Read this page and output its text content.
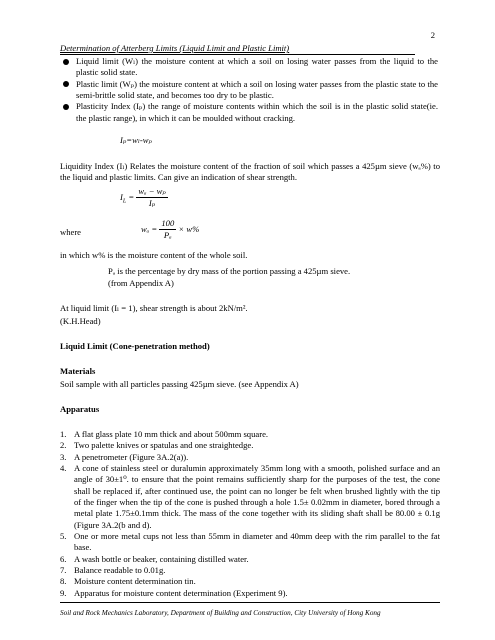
2
Determination of Atterberg Limits (Liquid Limit and Plastic Limit)
Liquid limit (Wₗ) the moisture content at which a soil on losing water passes from the liquid to the plastic solid state.
Plastic limit (Wₚ) the moisture content at which a soil on losing water passes from the plastic state to the semi-brittle solid state, and becomes too dry to be plastic.
Plasticity Index (Iₚ) the range of moisture contents within which the soil is in the plastic solid state(ie. the plastic range), in which it can be moulded without cracking.
Iₚ=wₗ-wₚ
Liquidity Index (Iₗ) Relates the moisture content of the fraction of soil which passes a 425µm sieve (wₐ%) to the liquid and plastic limits. Can give an indication of shear strength.
$I_L = \frac{\text{wₐ − wₚ}}{\text{Iₚ}}$
where	$w_a = \frac{100}{\text{Pₐ}} \times w\%$
in which w% is the moisture content of the whole soil.
Pₐ is the percentage by dry mass of the portion passing a 425µm sieve.
(from Appendix A)
At liquid limit (Iₗ = 1), shear strength is about 2kN/m².
(K.H.Head)
Liquid Limit (Cone-penetration method)
Materials
Soil sample with all particles passing 425µm sieve. (see Appendix A)
Apparatus
1. A flat glass plate 10 mm thick and about 500mm square.
2. Two palette knives or spatulas and one straightedge.
3. A penetrometer (Figure 3A.2(a)).
4. A cone of stainless steel or duralumin approximately 35mm long with a smooth, polished surface and an angle of 30±1⁰. to ensure that the point remains sufficiently sharp for the purposes of the test, the cone shall be replaced if, after continued use, the point can no longer be felt when brushed lightly with the tip of the finger when the tip of the cone is pushed through a hole 1.5± 0.02mm in diameter, bored through a metal plate 1.75±0.1mm thick. The mass of the cone together with its sliding shaft shall be 80.00 ± 0.1g (Figure 3A.2(b and d).
5. One or more metal cups not less than 55mm in diameter and 40mm deep with the rim parallel to the fat base.
6. A wash bottle or beaker, containing distilled water.
7. Balance readable to 0.01g.
8. Moisture content determination tin.
9. Apparatus for moisture content determination (Experiment 9).
Soil and Rock Mechanics Laboratory, Department of Building and Construction, City University of Hong Kong
